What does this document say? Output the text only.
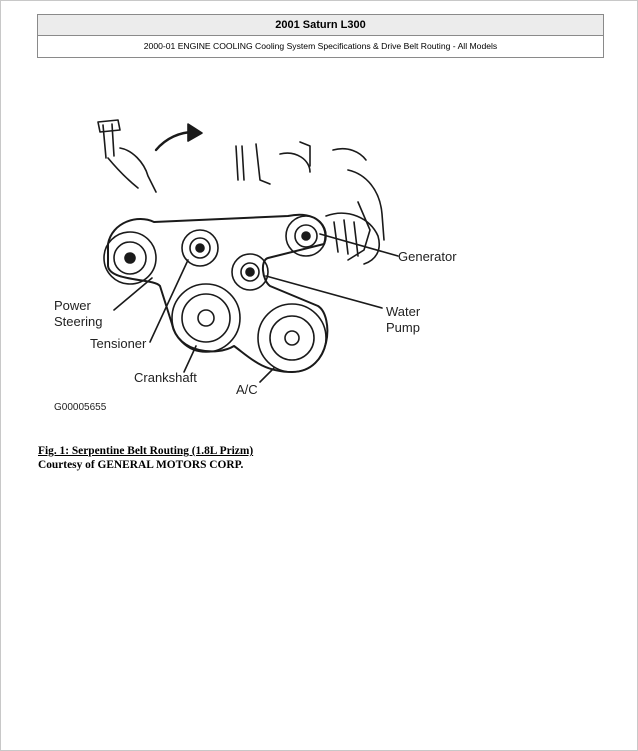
2001 Saturn L300
2000-01 ENGINE COOLING Cooling System Specifications & Drive Belt Routing - All Models
Power
Steering
Tensioner
Crankshaft
A/C
Generator
Water
Pump
G00005655
Fig. 1: Serpentine Belt Routing (1.8L Prizm)
Courtesy of GENERAL MOTORS CORP.
